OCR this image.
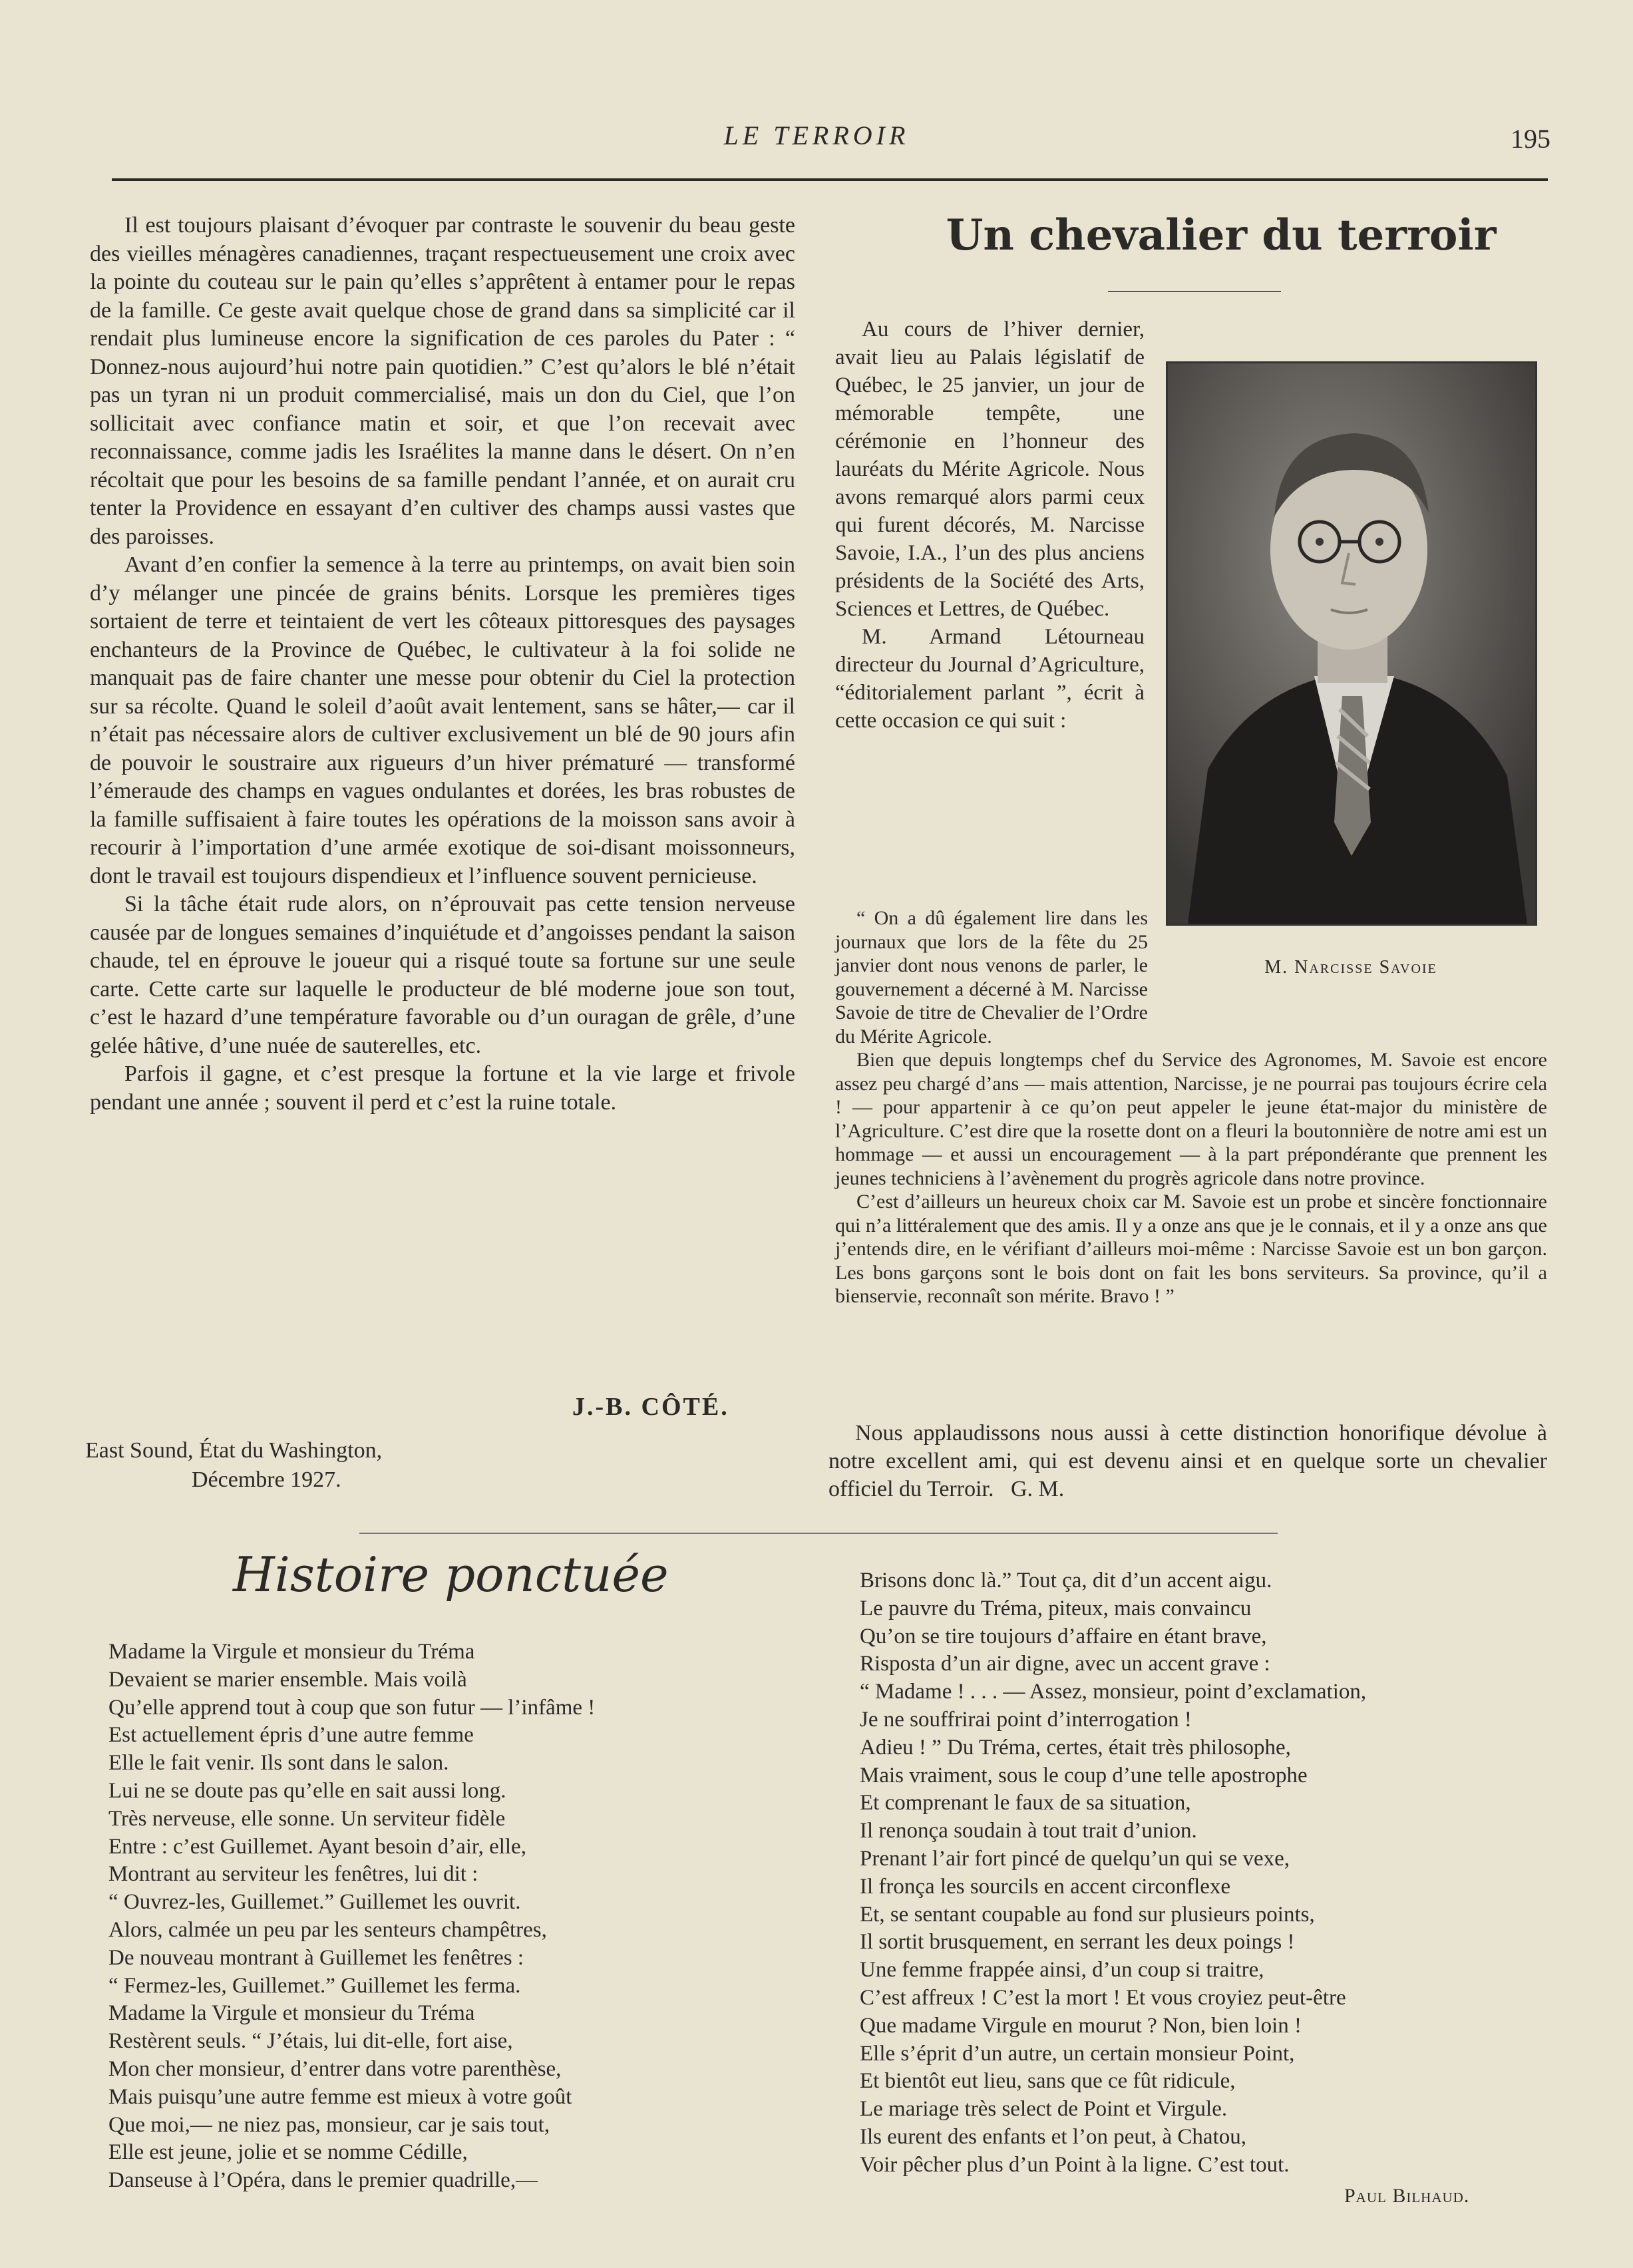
LE TERROIR	195

Il est toujours plaisant d’évoquer par contraste le souvenir du beau geste des vieilles ménagères canadiennes, traçant respectueusement une croix avec la pointe du couteau sur le pain qu’elles s’apprêtent à entamer pour le repas de la famille. Ce geste avait quelque chose de grand dans sa simplicité car il rendait plus lumineuse encore la signification de ces paroles du Pater : “ Donnez-nous aujourd’hui notre pain quotidien.” C’est qu’alors le blé n’était pas un tyran ni un produit commercialisé, mais un don du Ciel, que l’on sollicitait avec confiance matin et soir, et que l’on recevait avec reconnaissance, comme jadis les Israélites la manne dans le désert. On n’en récoltait que pour les besoins de sa famille pendant l’année, et on aurait cru tenter la Providence en essayant d’en cultiver des champs aussi vastes que des paroisses.

Avant d’en confier la semence à la terre au printemps, on avait bien soin d’y mélanger une pincée de grains bénits. Lorsque les premières tiges sortaient de terre et teintaient de vert les côteaux pittoresques des paysages enchanteurs de la Province de Québec, le cultivateur à la foi solide ne manquait pas de faire chanter une messe pour obtenir du Ciel la protection sur sa récolte. Quand le soleil d’août avait lentement, sans se hâter,— car il n’était pas nécessaire alors de cultiver exclusivement un blé de 90 jours afin de pouvoir le soustraire aux rigueurs d’un hiver prématuré — transformé l’émeraude des champs en vagues ondulantes et dorées, les bras robustes de la famille suffisaient à faire toutes les opérations de la moisson sans avoir à recourir à l’importation d’une armée exotique de soi-disant moissonneurs, dont le travail est toujours dispendieux et l’influence souvent pernicieuse.

Si la tâche était rude alors, on n’éprouvait pas cette tension nerveuse causée par de longues semaines d’inquiétude et d’angoisses pendant la saison chaude, tel en éprouve le joueur qui a risqué toute sa fortune sur une seule carte. Cette carte sur laquelle le producteur de blé moderne joue son tout, c’est le hazard d’une température favorable ou d’un ouragan de grêle, d’une gelée hâtive, d’une nuée de sauterelles, etc.

Parfois il gagne, et c’est presque la fortune et la vie large et frivole pendant une année ; souvent il perd et c’est la ruine totale.

J.-B. CÔTÉ.
East Sound, État du Washington,
Décembre 1927.
Un chevalier du terroir

Au cours de l’hiver dernier, avait lieu au Palais législatif de Québec, le 25 janvier, un jour de mémorable tempête, une cérémonie en l’honneur des lauréats du Mérite Agricole. Nous avons remarqué alors parmi ceux qui furent décorés, M. Narcisse Savoie, I.A., l’un des plus anciens présidents de la Société des Arts, Sciences et Lettres, de Québec.

M. Armand Létourneau directeur du Journal d’Agriculture, “éditorialement parlant ”, écrit à cette occasion ce qui suit :

M. Narcisse Savoie

“ On a dû également lire dans les journaux que lors de la fête du 25 janvier dont nous venons de parler, le gouvernement a décerné à M. Narcisse Savoie de titre de Chevalier de l’Ordre du Mérite Agricole.

Bien que depuis longtemps chef du Service des Agronomes, M. Savoie est encore assez peu chargé d’ans — mais attention, Narcisse, je ne pourrai pas toujours écrire cela ! — pour appartenir à ce qu’on peut appeler le jeune état-major du ministère de l’Agriculture. C’est dire que la rosette dont on a fleuri la boutonnière de notre ami est un hommage — et aussi un encouragement — à la part prépondérante que prennent les jeunes techniciens à l’avènement du progrès agricole dans notre province.

C’est d’ailleurs un heureux choix car M. Savoie est un probe et sincère fonctionnaire qui n’a littéralement que des amis. Il y a onze ans que je le connais, et il y a onze ans que j’entends dire, en le vérifiant d’ailleurs moi-même : Narcisse Savoie est un bon garçon. Les bons garçons sont le bois dont on fait les bons serviteurs. Sa province, qu’il a bienservie, reconnaît son mérite. Bravo ! ”

Nous applaudissons nous aussi à cette distinction honorifique dévolue à notre excellent ami, qui est devenu ainsi et en quelque sorte un chevalier officiel du Terroir. G. M.

Histoire ponctuée
Madame la Virgule et monsieur du Tréma
Devaient se marier ensemble. Mais voilà
Qu’elle apprend tout à coup que son futur — l’infâme !
Est actuellement épris d’une autre femme
Elle le fait venir. Ils sont dans le salon.
Lui ne se doute pas qu’elle en sait aussi long.
Très nerveuse, elle sonne. Un serviteur fidèle
Entre : c’est Guillemet. Ayant besoin d’air, elle,
Montrant au serviteur les fenêtres, lui dit :
“ Ouvrez-les, Guillemet.” Guillemet les ouvrit.
Alors, calmée un peu par les senteurs champêtres,
De nouveau montrant à Guillemet les fenêtres :
“ Fermez-les, Guillemet.” Guillemet les ferma.
Madame la Virgule et monsieur du Tréma
Restèrent seuls. “ J’étais, lui dit-elle, fort aise,
Mon cher monsieur, d’entrer dans votre parenthèse,
Mais puisqu’une autre femme est mieux à votre goût
Que moi,— ne niez pas, monsieur, car je sais tout,
Elle est jeune, jolie et se nomme Cédille,
Danseuse à l’Opéra, dans le premier quadrille,—
Brisons donc là.” Tout ça, dit d’un accent aigu.
Le pauvre du Tréma, piteux, mais convaincu
Qu’on se tire toujours d’affaire en étant brave,
Risposta d’un air digne, avec un accent grave :
“ Madame ! . . . — Assez, monsieur, point d’exclamation,
Je ne souffrirai point d’interrogation !
Adieu ! ” Du Tréma, certes, était très philosophe,
Mais vraiment, sous le coup d’une telle apostrophe
Et comprenant le faux de sa situation,
Il renonça soudain à tout trait d’union.
Prenant l’air fort pincé de quelqu’un qui se vexe,
Il fronça les sourcils en accent circonflexe
Et, se sentant coupable au fond sur plusieurs points,
Il sortit brusquement, en serrant les deux poings !
Une femme frappée ainsi, d’un coup si traitre,
C’est affreux ! C’est la mort ! Et vous croyiez peut-être
Que madame Virgule en mourut ? Non, bien loin !
Elle s’éprit d’un autre, un certain monsieur Point,
Et bientôt eut lieu, sans que ce fût ridicule,
Le mariage très select de Point et Virgule.
Ils eurent des enfants et l’on peut, à Chatou,
Voir pêcher plus d’un Point à la ligne. C’est tout.
Paul Bilhaud.
